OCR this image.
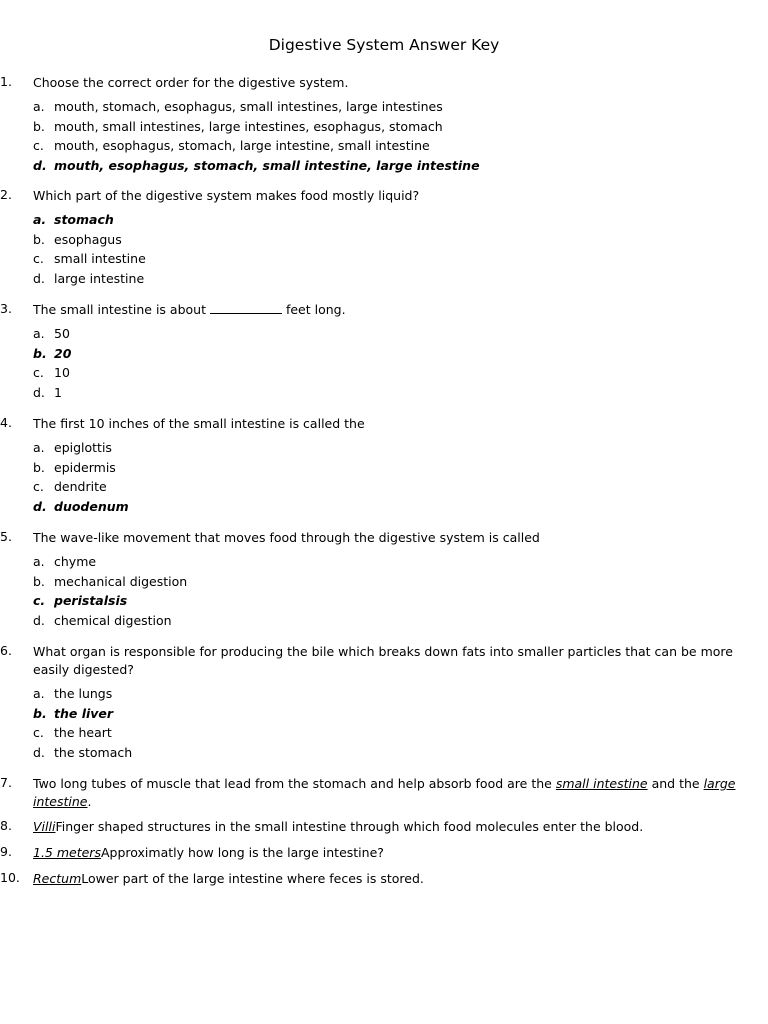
Digestive System Answer Key
1. Choose the correct order for the digestive system.
a. mouth, stomach, esophagus, small intestines, large intestines
b. mouth, small intestines, large intestines, esophagus, stomach
c. mouth, esophagus, stomach, large intestine, small intestine
d. mouth, esophagus, stomach, small intestine, large intestine
2. Which part of the digestive system makes food mostly liquid?
a. stomach
b. esophagus
c. small intestine
d. large intestine
3. The small intestine is about	feet long.
a. 50
b. 20
c. 10
d. 1
4. The first 10 inches of the small intestine is called the
a. epiglottis
b. epidermis
c. dendrite
d. duodenum
5. The wave-like movement that moves food through the digestive system is called
a. chyme
b. mechanical digestion
c. peristalsis
d. chemical digestion
6. What organ is responsible for producing the bile which breaks down fats into smaller particles that can be more easily digested?
a. the lungs
b. the liver
c. the heart
d. the stomach
7. Two long tubes of muscle that lead from the stomach and help absorb food are the small intestine and the large intestine.
8. VilliFinger shaped structures in the small intestine through which food molecules enter the blood.
9. 1.5 metersApproximatly how long is the large intestine?
10. RectumLower part of the large intestine where feces is stored.
